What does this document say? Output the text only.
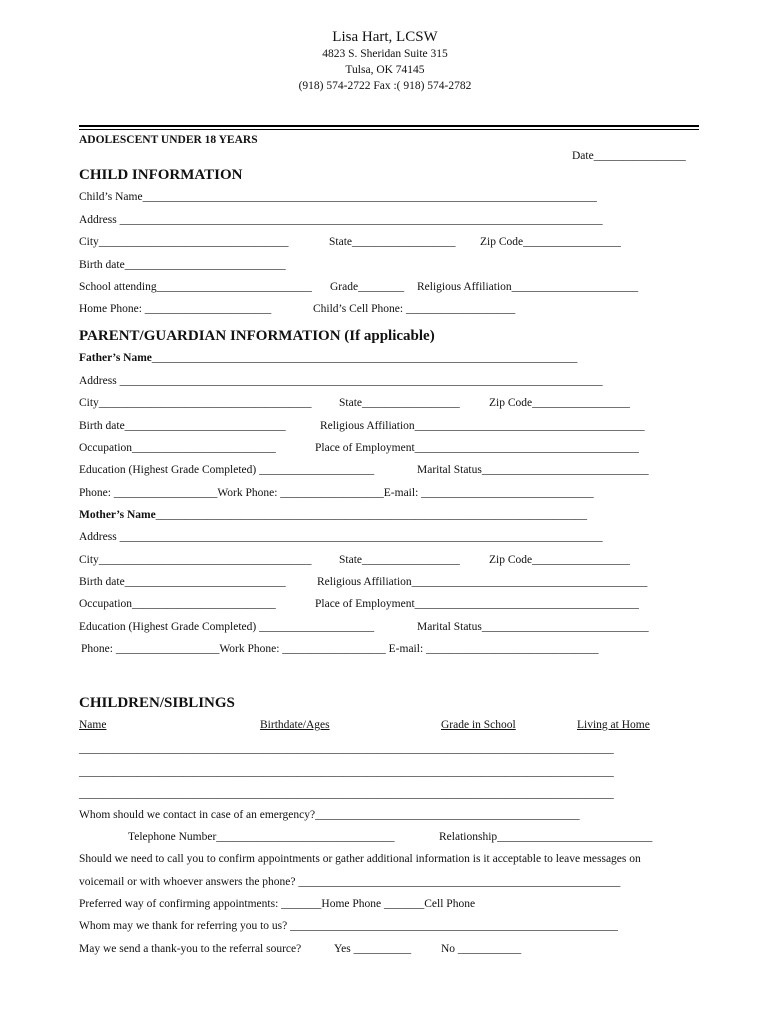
Lisa Hart, LCSW
4823 S. Sheridan Suite 315
Tulsa, OK 74145
(918) 574-2722 Fax :( 918) 574-2782
ADOLESCENT UNDER 18 YEARS
Date________________
CHILD INFORMATION
Child’s Name_______________________________________________________________________________
Address ____________________________________________________________________________________
City_________________________________	State__________________ Zip Code_________________
Birth date____________________________
School attending___________________________ Grade________ Religious Affiliation______________________
Home Phone: ______________________	Child’s Cell Phone: ___________________
PARENT/GUARDIAN INFORMATION (If applicable)
Father’s Name__________________________________________________________________________
Address ____________________________________________________________________________________
City_____________________________________ State_________________	Zip Code_________________
Birth date____________________________	Religious Affiliation________________________________________
Occupation_________________________	Place of Employment_______________________________________
Education (Highest Grade Completed) ____________________	Marital Status_____________________________
Phone: __________________Work Phone: __________________E-mail: ______________________________
Mother’s Name___________________________________________________________________________
Address ____________________________________________________________________________________
City_____________________________________ State_________________	Zip Code_________________
Birth date____________________________	Religious Affiliation_________________________________________
Occupation_________________________	Place of Employment_______________________________________
Education (Highest Grade Completed) ____________________	Marital Status_____________________________
Phone: __________________Work Phone: __________________ E-mail: ______________________________
CHILDREN/SIBLINGS
Name	Birthdate/Ages	Grade in School	Living at Home
_____________________________________________________________________________________________
_____________________________________________________________________________________________
_____________________________________________________________________________________________
Whom should we contact in case of an emergency?______________________________________________
Telephone Number_______________________________	Relationship___________________________
Should we need to call you to confirm appointments or gather additional information is it acceptable to leave messages on
voicemail or with whoever answers the phone? ________________________________________________________
Preferred way of confirming appointments: _______Home Phone _______Cell Phone
Whom may we thank for referring you to us? _________________________________________________________
May we send a thank-you to the referral source?	Yes __________	No ___________
